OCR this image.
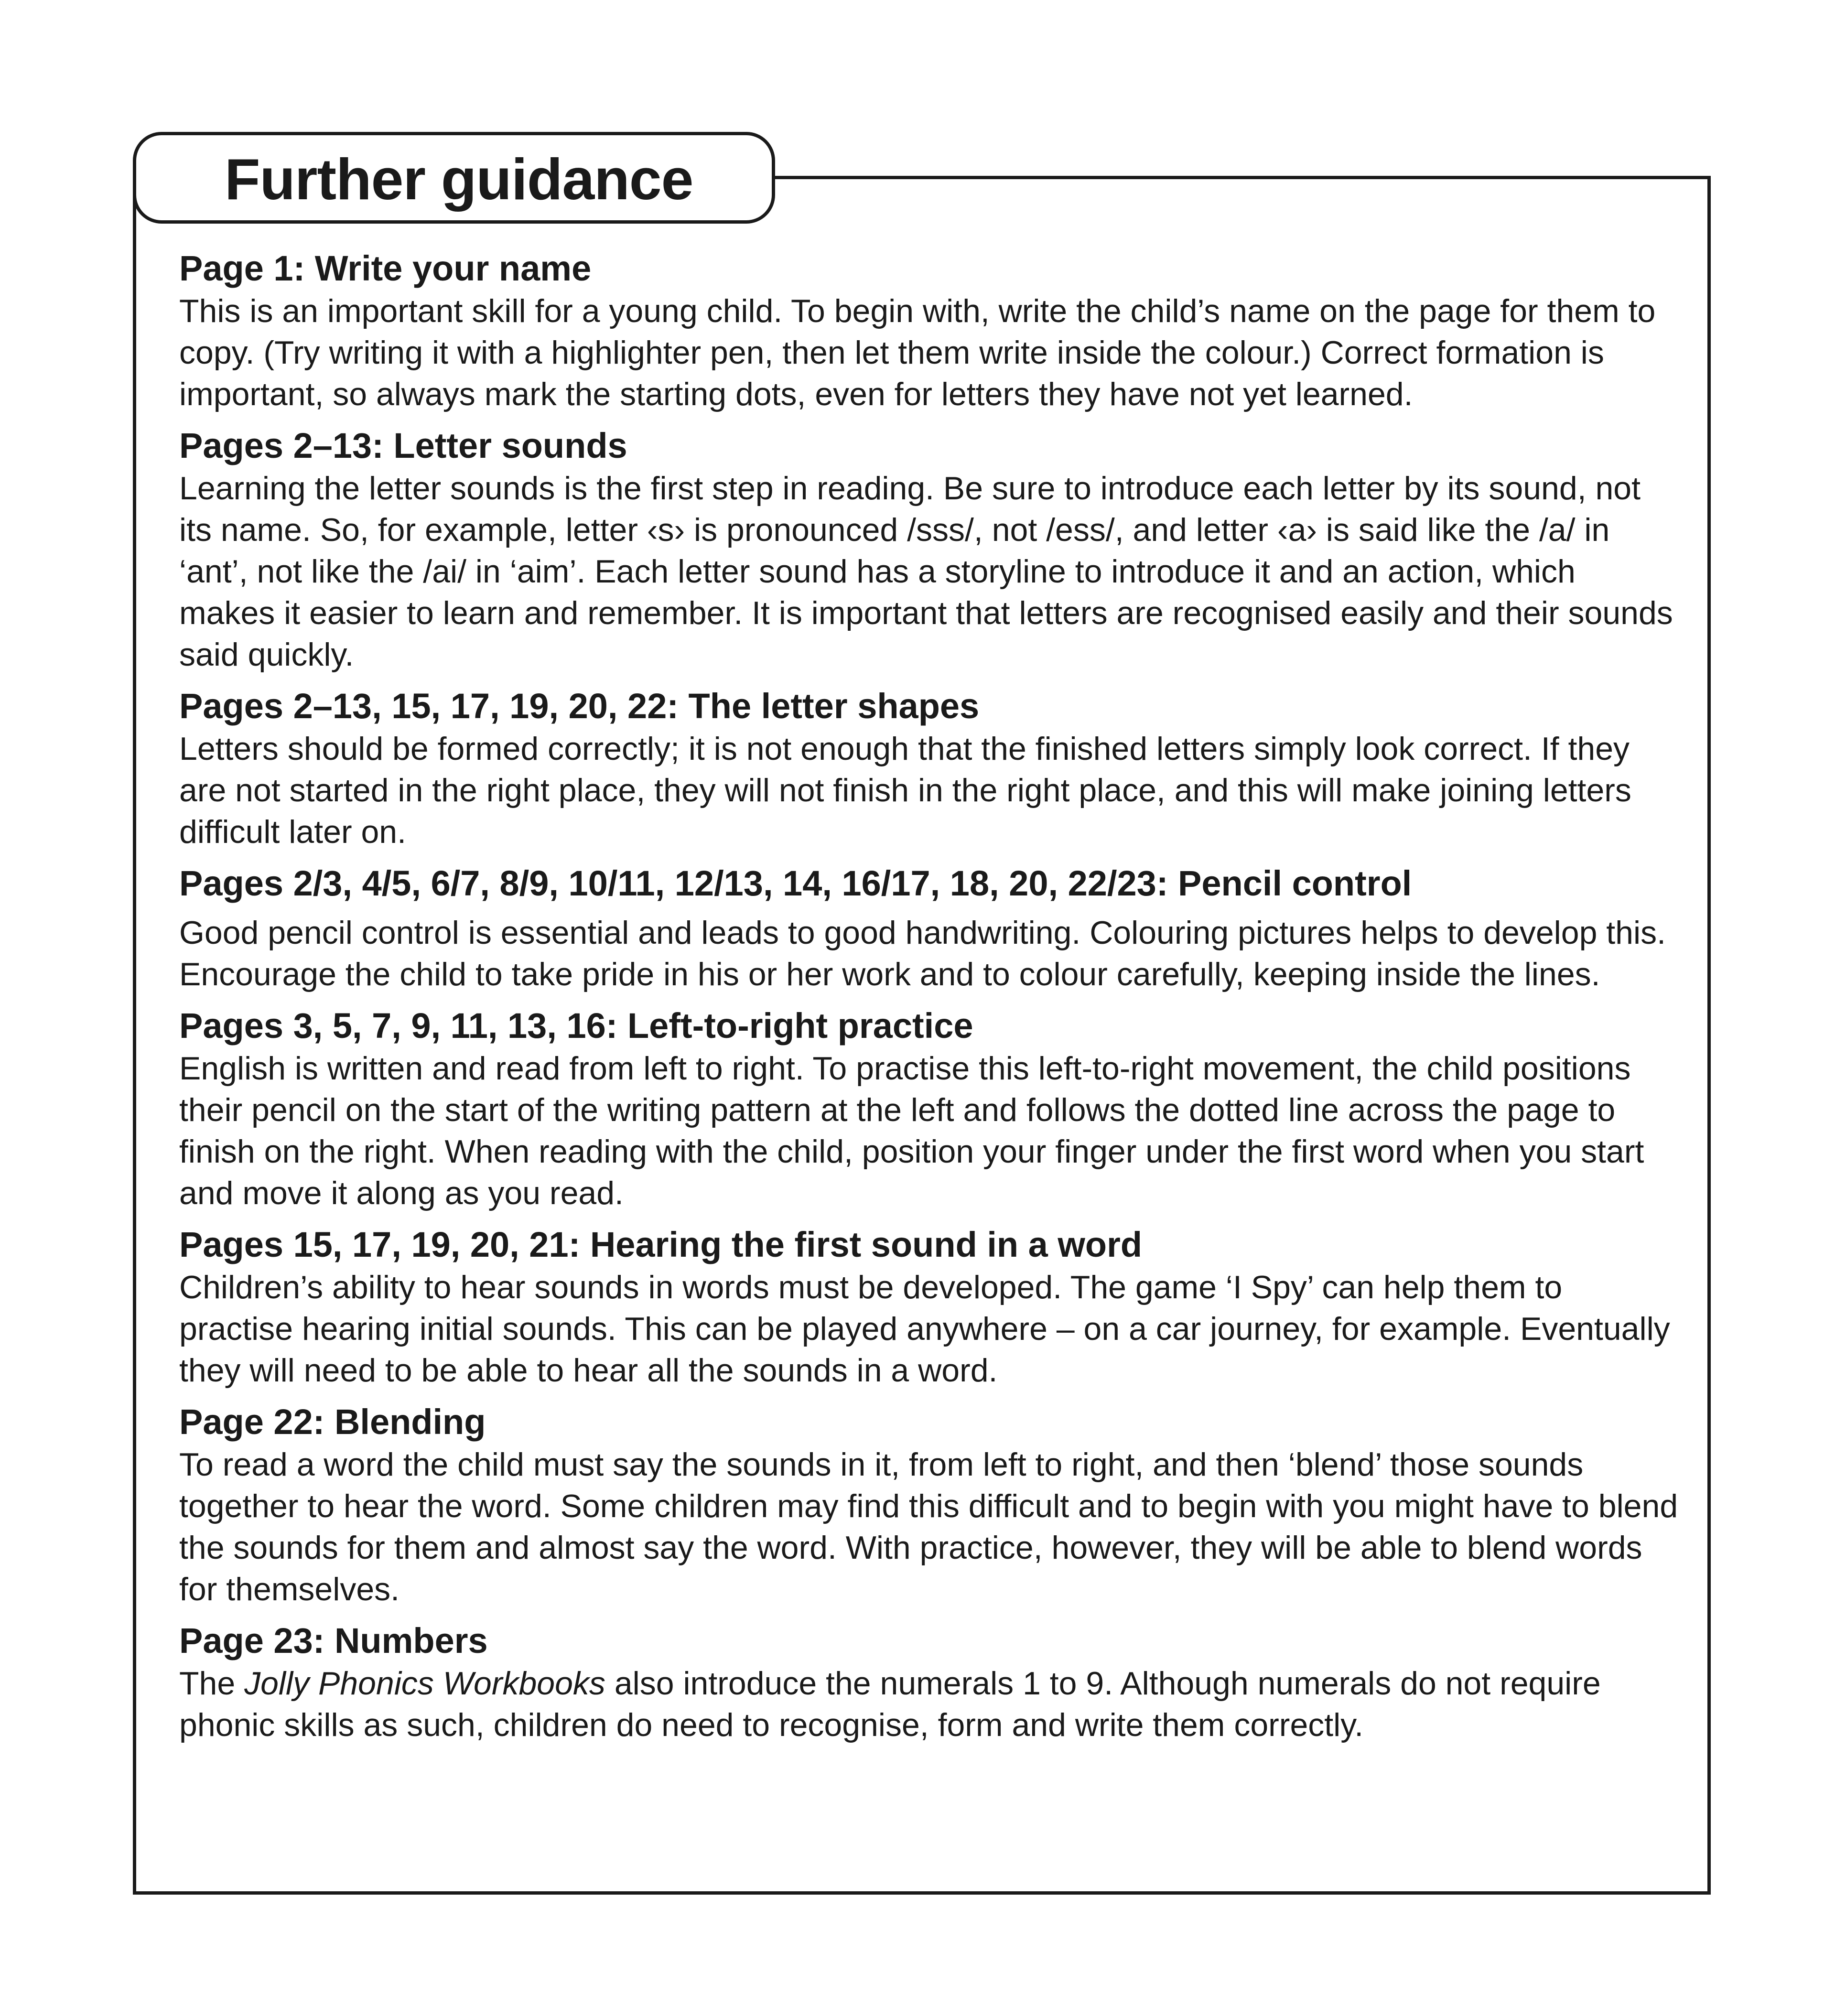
Further guidance
Page 1: Write your name

This is an important skill for a young child. To begin with, write the child’s name on the page for them to copy. (Try writing it with a highlighter pen, then let them write inside the colour.) Correct formation is important, so always mark the starting dots, even for letters they have not yet learned.

Pages 2–13: Letter sounds

Learning the letter sounds is the first step in reading. Be sure to introduce each letter by its sound, not its name. So, for example, letter ‹s› is pronounced /sss/, not /ess/, and letter ‹a› is said like the /a/ in ‘ant’, not like the /ai/ in ‘aim’. Each letter sound has a storyline to introduce it and an action, which makes it easier to learn and remember. It is important that letters are recognised easily and their sounds said quickly.

Pages 2–13, 15, 17, 19, 20, 22: The letter shapes

Letters should be formed correctly; it is not enough that the finished letters simply look correct. If they are not started in the right place, they will not finish in the right place, and this will make joining letters difficult later on.

Pages 2/3, 4/5, 6/7, 8/9, 10/11, 12/13, 14, 16/17, 18, 20, 22/23: Pencil control

Good pencil control is essential and leads to good handwriting. Colouring pictures helps to develop this. Encourage the child to take pride in his or her work and to colour carefully, keeping inside the lines.

Pages 3, 5, 7, 9, 11, 13, 16: Left-to-right practice

English is written and read from left to right. To practise this left-to-right movement, the child positions their pencil on the start of the writing pattern at the left and follows the dotted line across the page to finish on the right. When reading with the child, position your finger under the first word when you start and move it along as you read.

Pages 15, 17, 19, 20, 21: Hearing the first sound in a word

Children’s ability to hear sounds in words must be developed. The game ‘I Spy’ can help them to practise hearing initial sounds. This can be played anywhere – on a car journey, for example. Eventually they will need to be able to hear all the sounds in a word.

Page 22: Blending

To read a word the child must say the sounds in it, from left to right, and then ‘blend’ those sounds together to hear the word. Some children may find this difficult and to begin with you might have to blend the sounds for them and almost say the word. With practice, however, they will be able to blend words for themselves.

Page 23: Numbers

The Jolly Phonics Workbooks also introduce the numerals 1 to 9. Although numerals do not require phonic skills as such, children do need to recognise, form and write them correctly.
